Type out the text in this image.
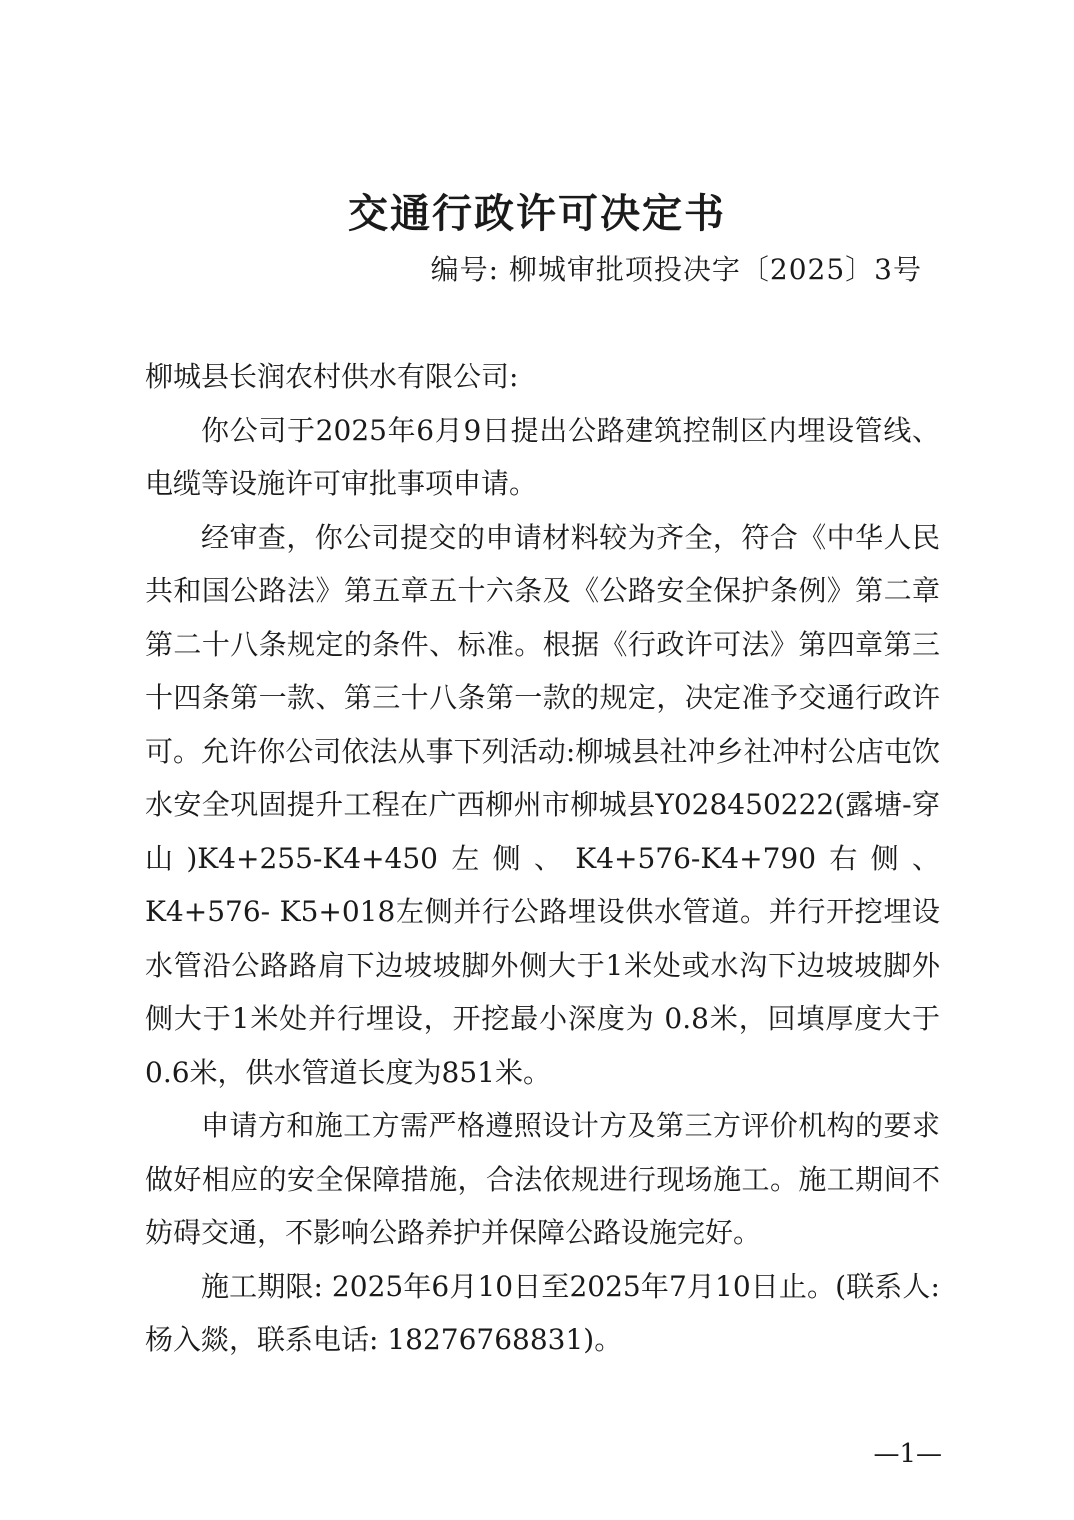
交通行政许可决定书
编号: 柳城审批项投决字〔2025〕3号

柳城县长润农村供水有限公司:

你公司于2025年6月9日提出公路建筑控制区内埋设管线、电缆等设施许可审批事项申请。

经审查，你公司提交的申请材料较为齐全，符合《中华人民共和国公路法》第五章五十六条及《公路安全保护条例》第二章第二十八条规定的条件、标准。根据《行政许可法》第四章第三十四条第一款、第三十八条第一款的规定，决定准予交通行政许可。允许你公司依法从事下列活动:柳城县社冲乡社冲村公店屯饮水安全巩固提升工程在广西柳州市柳城县Y028450222(露塘-穿山)K4+255-K4+450左侧、K4+576-K4+790右侧、K4+576- K5+018左侧并行公路埋设供水管道。并行开挖埋设水管沿公路路肩下边坡坡脚外侧大于1米处或水沟下边坡坡脚外侧大于1米处并行埋设，开挖最小深度为 0.8米，回填厚度大于 0.6米，供水管道长度为851米。

申请方和施工方需严格遵照设计方及第三方评价机构的要求做好相应的安全保障措施，合法依规进行现场施工。施工期间不妨碍交通，不影响公路养护并保障公路设施完好。

施工期限: 2025年6月10日至2025年7月10日止。(联系人: 杨入燚，联系电话: 18276768831)。

—1—
